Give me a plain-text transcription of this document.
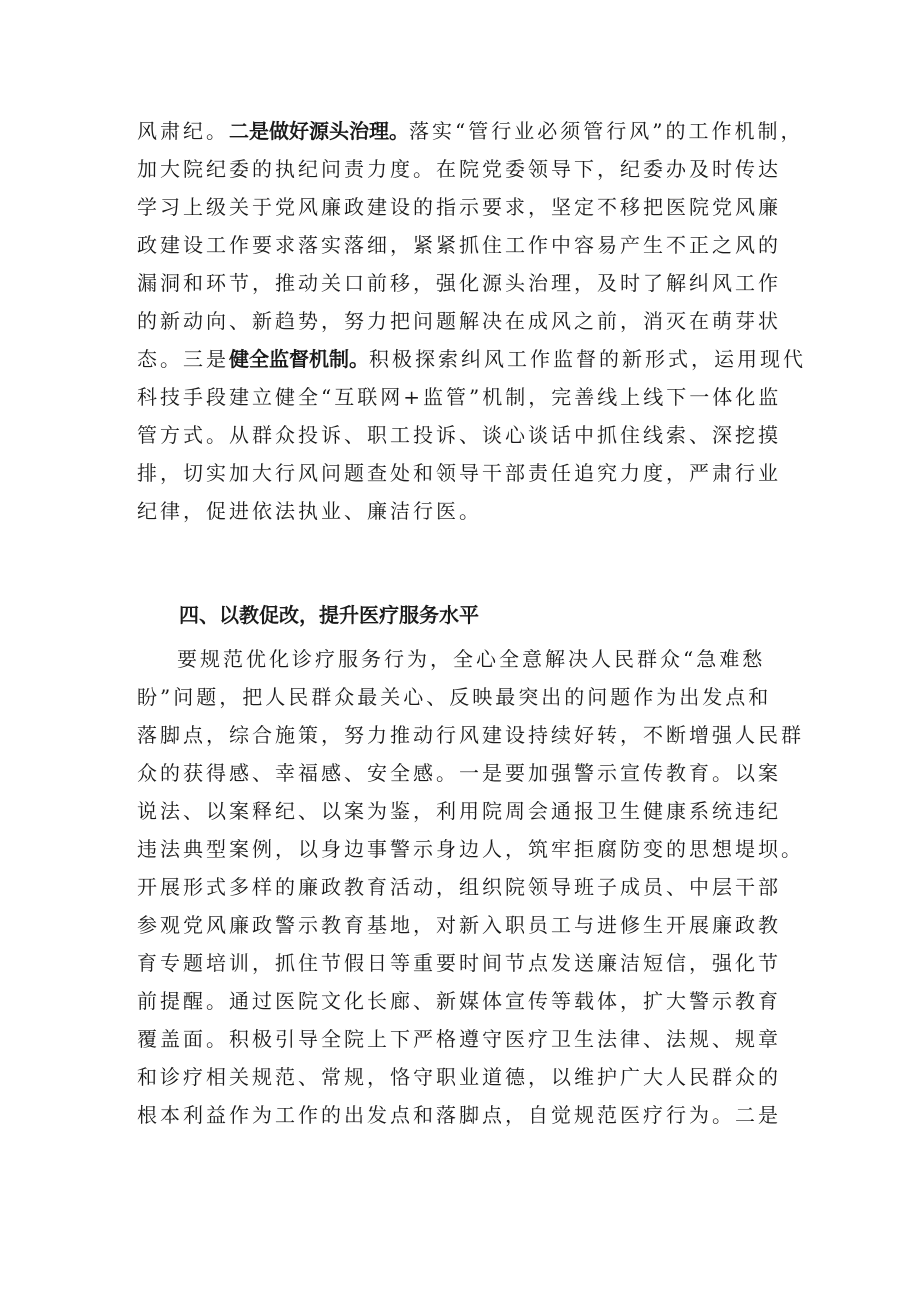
风肃纪。二是做好源头治理。落实“管行业必须管行风”的工作机制，
加大院纪委的执纪问责力度。在院党委领导下，纪委办及时传达
学习上级关于党风廉政建设的指示要求，坚定不移把医院党风廉
政建设工作要求落实落细，紧紧抓住工作中容易产生不正之风的
漏洞和环节，推动关口前移，强化源头治理，及时了解纠风工作
的新动向、新趋势，努力把问题解决在成风之前，消灭在萌芽状
态。三是健全监督机制。积极探索纠风工作监督的新形式，运用现代
科技手段建立健全“互联网+监管”机制，完善线上线下一体化监
管方式。从群众投诉、职工投诉、谈心谈话中抓住线索、深挖摸
排，切实加大行风问题查处和领导干部责任追究力度，严肃行业
纪律，促进依法执业、廉洁行医。
四、以教促改，提升医疗服务水平
要规范优化诊疗服务行为，全心全意解决人民群众“急难愁
盼”问题，把人民群众最关心、反映最突出的问题作为出发点和
落脚点，综合施策，努力推动行风建设持续好转，不断增强人民群
众的获得感、幸福感、安全感。一是要加强警示宣传教育。以案
说法、以案释纪、以案为鉴，利用院周会通报卫生健康系统违纪
违法典型案例，以身边事警示身边人，筑牢拒腐防变的思想堤坝。
开展形式多样的廉政教育活动，组织院领导班子成员、中层干部
参观党风廉政警示教育基地，对新入职员工与进修生开展廉政教
育专题培训，抓住节假日等重要时间节点发送廉洁短信，强化节
前提醒。通过医院文化长廊、新媒体宣传等载体，扩大警示教育
覆盖面。积极引导全院上下严格遵守医疗卫生法律、法规、规章
和诊疗相关规范、常规，恪守职业道德，以维护广大人民群众的
根本利益作为工作的出发点和落脚点，自觉规范医疗行为。二是
